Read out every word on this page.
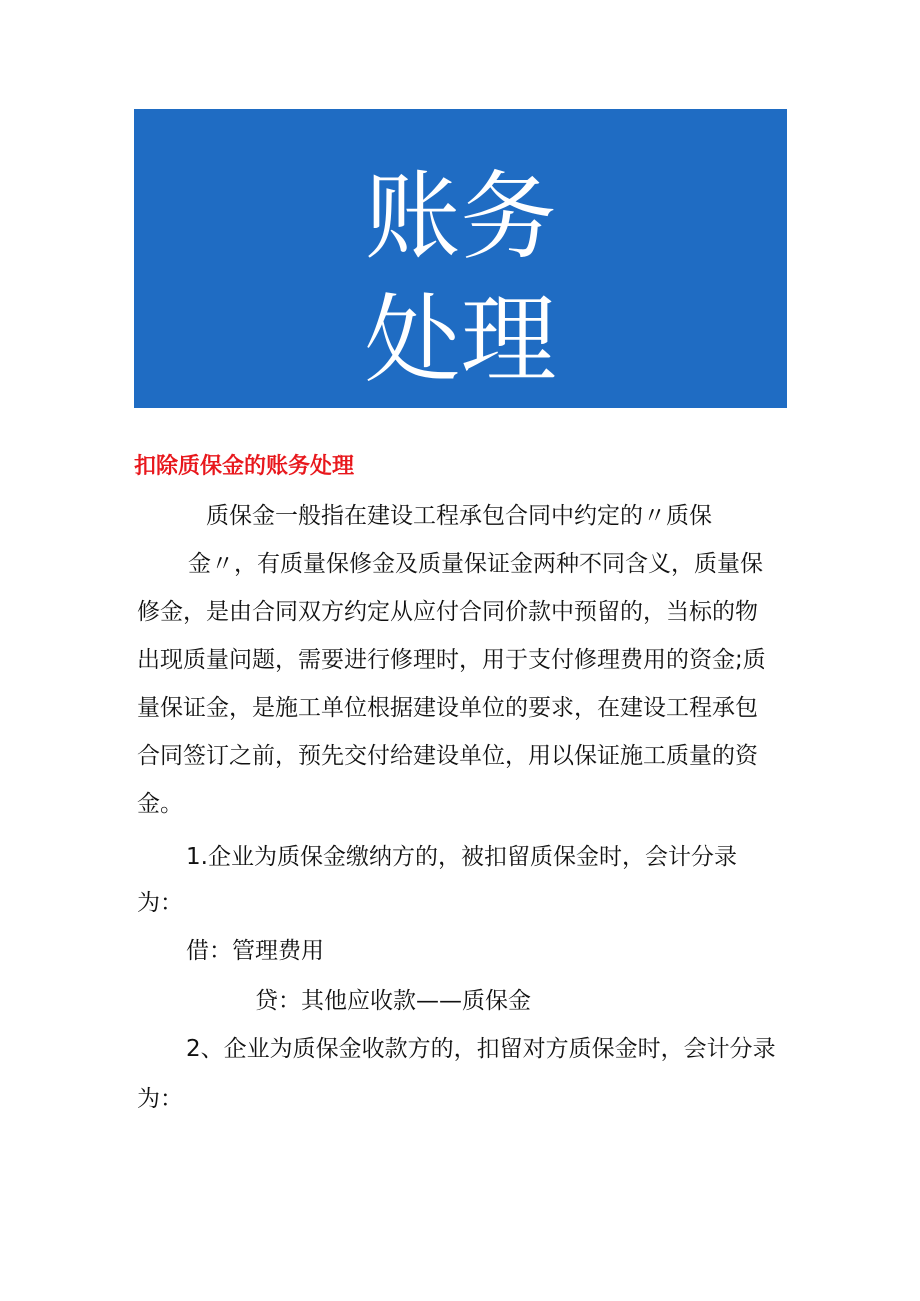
账务
处理
扣除质保金的账务处理
质保金一般指在建设工程承包合同中约定的〃质保
金〃，有质量保修金及质量保证金两种不同含义，质量保
修金，是由合同双方约定从应付合同价款中预留的，当标的物
出现质量问题，需要进行修理时，用于支付修理费用的资金;质
量保证金，是施工单位根据建设单位的要求，在建设工程承包
合同签订之前，预先交付给建设单位，用以保证施工质量的资
金。
1.企业为质保金缴纳方的，被扣留质保金时，会计分录
为：
借：管理费用
贷：其他应收款——质保金
2、企业为质保金收款方的，扣留对方质保金时，会计分录
为：
